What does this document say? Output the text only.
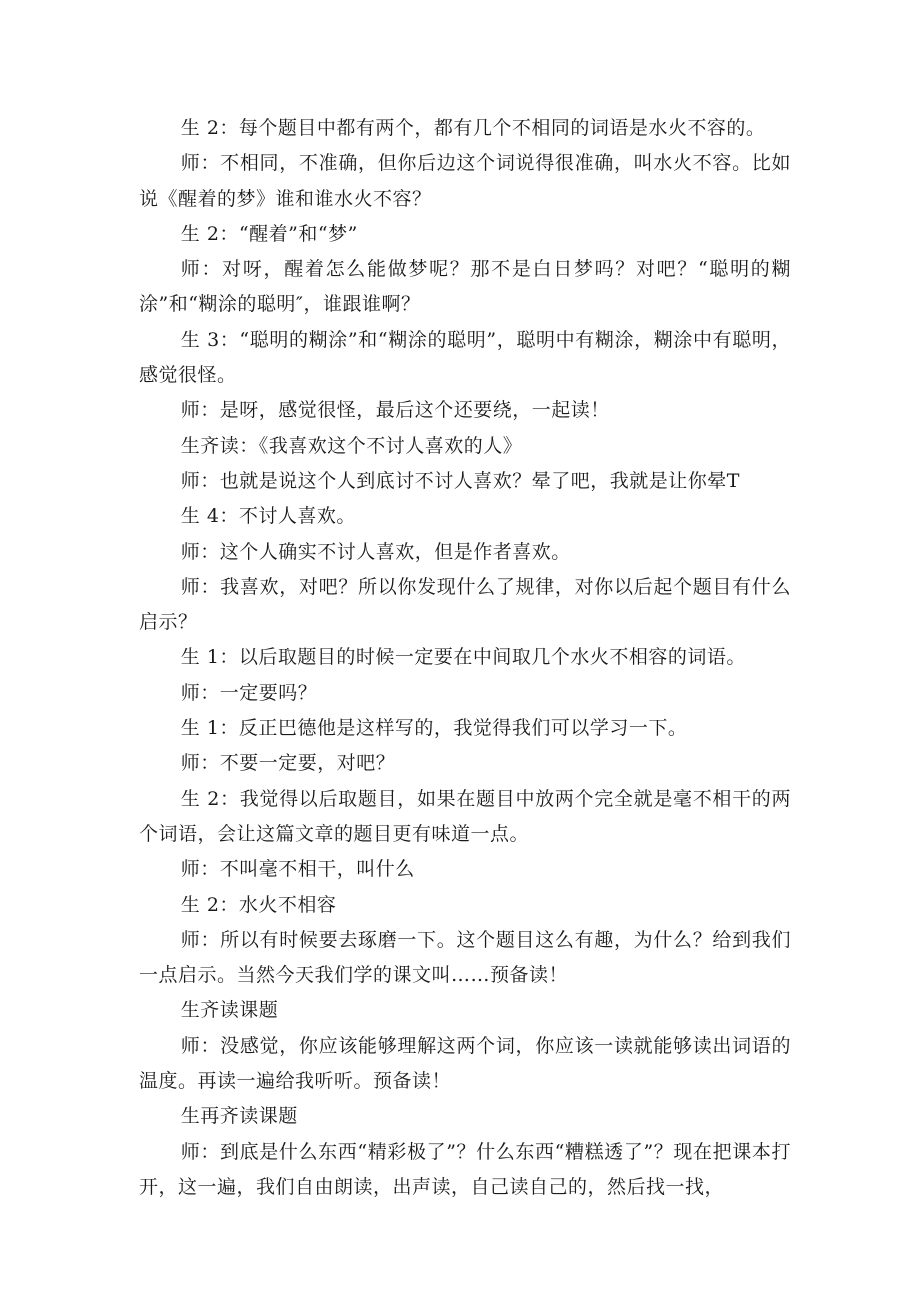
生 2：每个题目中都有两个，都有几个不相同的词语是水火不容的。

师：不相同，不准确，但你后边这个词说得很准确，叫水火不容。比如说《醒着的梦》谁和谁水火不容？

生 2：“醒着”和“梦”

师：对呀，醒着怎么能做梦呢？那不是白日梦吗？对吧？“聪明的糊涂”和“糊涂的聪明″，谁跟谁啊？

生 3：“聪明的糊涂”和“糊涂的聪明”，聪明中有糊涂，糊涂中有聪明，感觉很怪。

师：是呀，感觉很怪，最后这个还要绕，一起读！

生齐读：《我喜欢这个不讨人喜欢的人》

师：也就是说这个人到底讨不讨人喜欢？晕了吧，我就是让你晕T

生 4：不讨人喜欢。

师：这个人确实不讨人喜欢，但是作者喜欢。

师：我喜欢，对吧？所以你发现什么了规律，对你以后起个题目有什么启示？

生 1：以后取题目的时候一定要在中间取几个水火不相容的词语。

师：一定要吗？

生 1：反正巴德他是这样写的，我觉得我们可以学习一下。

师：不要一定要，对吧？

生 2：我觉得以后取题目，如果在题目中放两个完全就是毫不相干的两个词语，会让这篇文章的题目更有味道一点。

师：不叫毫不相干，叫什么

生 2：水火不相容

师：所以有时候要去琢磨一下。这个题目这么有趣，为什么？给到我们一点启示。当然今天我们学的课文叫……预备读！

生齐读课题

师：没感觉，你应该能够理解这两个词，你应该一读就能够读出词语的温度。再读一遍给我听听。预备读！

生再齐读课题

师：到底是什么东西“精彩极了”？什么东西“糟糕透了”？现在把课本打开，这一遍，我们自由朗读，出声读，自己读自己的，然后找一找，
